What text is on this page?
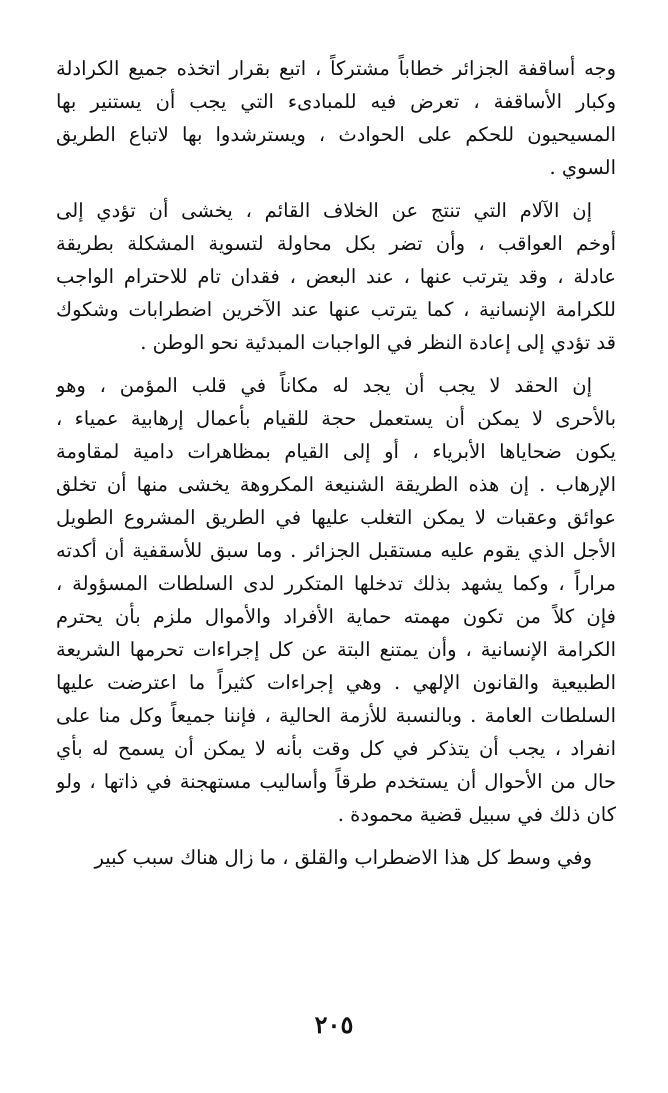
وجه أساقفة الجزائر خطاباً مشتركاً ، اتبع بقرار اتخذه جميع الكرادلة
وكبار الأساقفة ، تعرض فيه للمبادىء التي يجب أن يستنير بها
المسيحيون للحكم على الحوادث ، ويسترشدوا بها لاتباع الطريق
السوي .
إن الآلام التي تنتج عن الخلاف القائم ، يخشى أن تؤدي إلى
أوخم العواقب ، وأن تضر بكل محاولة لتسوية المشكلة بطريقة
عادلة ، وقد يترتب عنها ، عند البعض ، فقدان تام للاحترام الواجب
للكرامة الإنسانية ، كما يترتب عنها عند الآخرين اضطرابات وشكوك
قد تؤدي إلى إعادة النظر في الواجبات المبدئية نحو الوطن .
إن الحقد لا يجب أن يجد له مكاناً في قلب المؤمن ، وهو
بالأحرى لا يمكن أن يستعمل حجة للقيام بأعمال إرهابية عمياء ،
يكون ضحاياها الأبرياء ، أو إلى القيام بمظاهرات دامية لمقاومة
الإرهاب . إن هذه الطريقة الشنيعة المكروهة يخشى منها أن تخلق
عوائق وعقبات لا يمكن التغلب عليها في الطريق المشروع الطويل
الأجل الذي يقوم عليه مستقبل الجزائر . وما سبق للأسقفية أن أكدته
مراراً ، وكما يشهد بذلك تدخلها المتكرر لدى السلطات المسؤولة ،
فإن كلاً من تكون مهمته حماية الأفراد والأموال ملزم بأن يحترم
الكرامة الإنسانية ، وأن يمتنع البتة عن كل إجراءات تحرمها الشريعة
الطبيعية والقانون الإلهي . وهي إجراءات كثيراً ما اعترضت عليها
السلطات العامة . وبالنسبة للأزمة الحالية ، فإننا جميعاً وكل منا على
انفراد ، يجب أن يتذكر في كل وقت بأنه لا يمكن أن يسمح له بأي
حال من الأحوال أن يستخدم طرقاً وأساليب مستهجنة في ذاتها ، ولو
كان ذلك في سبيل قضية محمودة .
وفي وسط كل هذا الاضطراب والقلق ، ما زال هناك سبب كبير
٢٠٥
